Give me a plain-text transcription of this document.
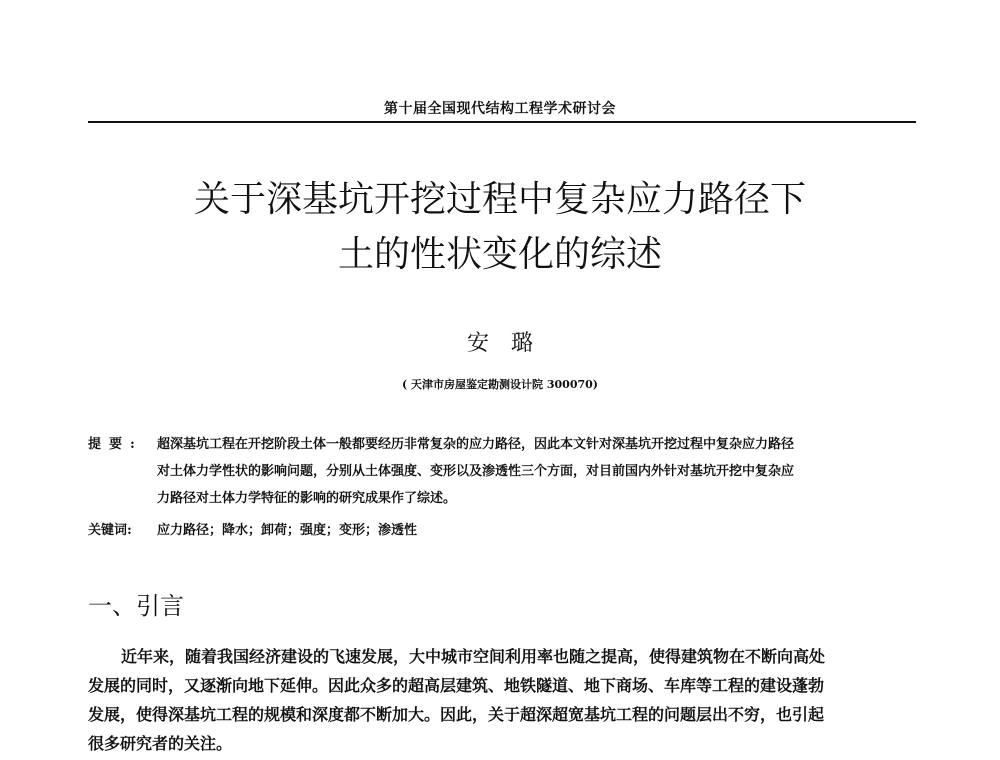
第十届全国现代结构工程学术研讨会
关于深基坑开挖过程中复杂应力路径下
土的性状变化的综述
安璐
( 天津市房屋鉴定勘测设计院 300070)
提要: 超深基坑工程在开挖阶段土体一般都要经历非常复杂的应力路径，因此本文针对深基坑开挖过程中复杂应力路径
对土体力学性状的影响问题，分别从土体强度、变形以及渗透性三个方面，对目前国内外针对基坑开挖中复杂应
力路径对土体力学特征的影响的研究成果作了综述。
关键词: 应力路径；降水；卸荷；强度；变形；渗透性
一、引言
近年来，随着我国经济建设的飞速发展，大中城市空间利用率也随之提高，使得建筑物在不断向高处
发展的同时，又逐渐向地下延伸。因此众多的超高层建筑、地铁隧道、地下商场、车库等工程的建设蓬勃
发展，使得深基坑工程的规模和深度都不断加大。因此，关于超深超宽基坑工程的问题层出不穷，也引起
很多研究者的关注。
